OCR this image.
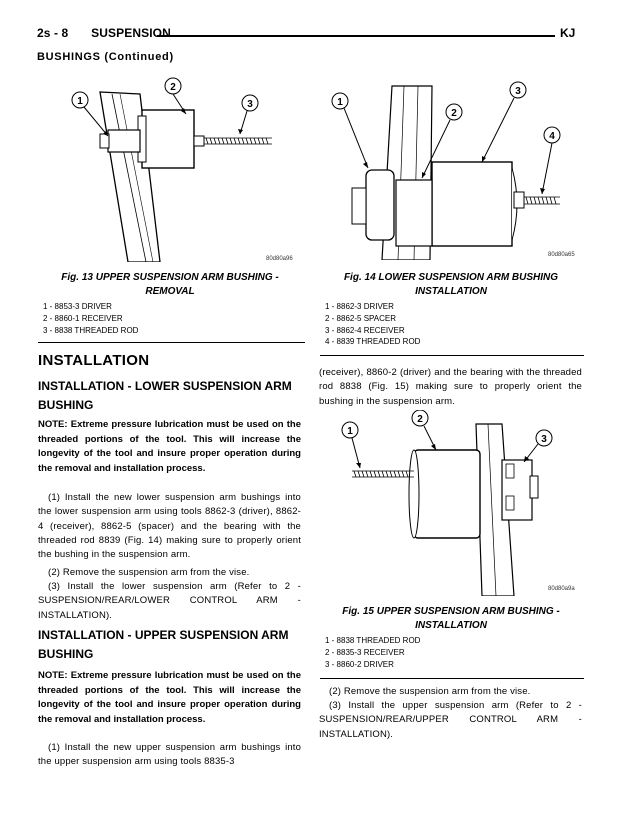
2s - 8 SUSPENSION	KJ
BUSHINGS (Continued)
1
2
3
80d80a96
Fig. 13 UPPER SUSPENSION ARM BUSHING - REMOVAL
1 - 8853-3 DRIVER
2 - 8860-1 RECEIVER
3 - 8838 THREADED ROD
1
2
3
4
80d80a65
Fig. 14 LOWER SUSPENSION ARM BUSHING INSTALLATION
1 - 8862-3 DRIVER
2 - 8862-5 SPACER
3 - 8862-4 RECEIVER
4 - 8839 THREADED ROD
INSTALLATION
INSTALLATION - LOWER SUSPENSION ARM BUSHING
NOTE: Extreme pressure lubrication must be used on the threaded portions of the tool. This will increase the longevity of the tool and insure proper operation during the removal and installation process.
(1) Install the new lower suspension arm bushings into the lower suspension arm using tools 8862-3 (driver), 8862-4 (receiver), 8862-5 (spacer) and the bearing with the threaded rod 8839 (Fig. 14) making sure to properly orient the bushing in the suspension arm.
(2) Remove the suspension arm from the vise.
(3) Install the lower suspension arm (Refer to 2 - SUSPENSION/REAR/LOWER CONTROL ARM - INSTALLATION).
INSTALLATION - UPPER SUSPENSION ARM BUSHING
NOTE: Extreme pressure lubrication must be used on the threaded portions of the tool. This will increase the longevity of the tool and insure proper operation during the removal and installation process.
(1) Install the new upper suspension arm bushings into the upper suspension arm using tools 8835-3
(receiver), 8860-2 (driver) and the bearing with the threaded rod 8838 (Fig. 15) making sure to properly orient the bushing in the suspension arm.
1
2
3
80d80a9a
Fig. 15 UPPER SUSPENSION ARM BUSHING - INSTALLATION
1 - 8838 THREADED ROD
2 - 8835-3 RECEIVER
3 - 8860-2 DRIVER
(2) Remove the suspension arm from the vise.
(3) Install the upper suspension arm (Refer to 2 - SUSPENSION/REAR/UPPER CONTROL ARM - INSTALLATION).
